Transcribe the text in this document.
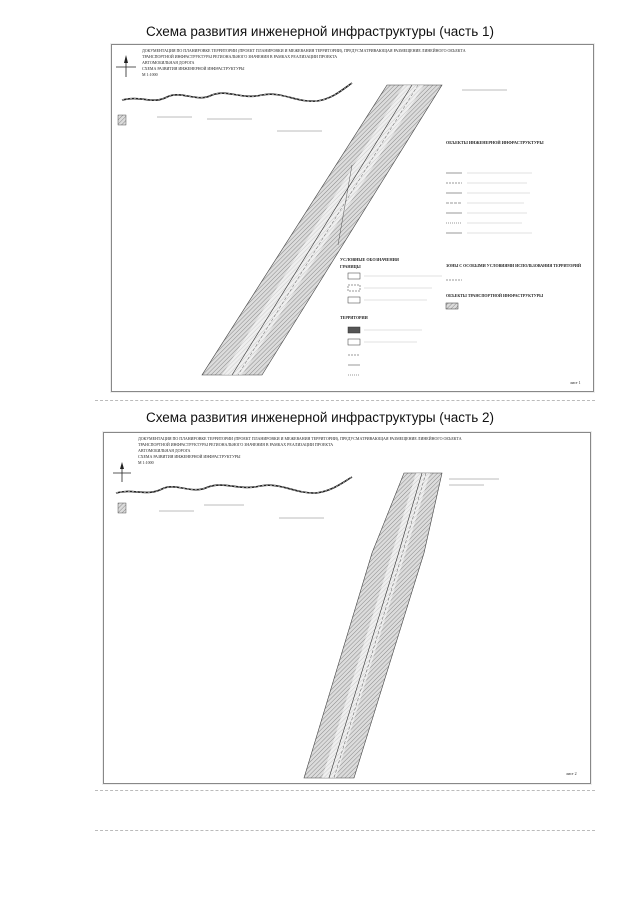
Схема развития инженерной инфраструктуры (часть 1)
ДОКУМЕНТАЦИЯ ПО ПЛАНИРОВКЕ ТЕРРИТОРИИ (ПРОЕКТ ПЛАНИРОВКИ И МЕЖЕВАНИЯ ТЕРРИТОРИИ), ПРЕДУСМАТРИВАЮЩАЯ РАЗМЕЩЕНИЕ ЛИНЕЙНОГО ОБЪЕКТА
ТРАНСПОРТНОЙ ИНФРАСТРУКТУРЫ РЕГИОНАЛЬНОГО ЗНАЧЕНИЯ В РАМКАХ РЕАЛИЗАЦИИ ПРОЕКТА
АВТОМОБИЛЬНАЯ ДОРОГА
СХЕМА РАЗВИТИЯ ИНЖЕНЕРНОЙ ИНФРАСТРУКТУРЫ
М 1:1000
УСЛОВНЫЕ ОБОЗНАЧЕНИЯ
ГРАНИЦЫ
ТЕРРИТОРИИ
ОБЪЕКТЫ ИНЖЕНЕРНОЙ ИНФРАСТРУКТУРЫ
ЗОНЫ С ОСОБЫМИ УСЛОВИЯМИ ИСПОЛЬЗОВАНИЯ ТЕРРИТОРИЙ
ОБЪЕКТЫ ТРАНСПОРТНОЙ ИНФРАСТРУКТУРЫ
лист 1
Схема развития инженерной инфраструктуры (часть 2)
ДОКУМЕНТАЦИЯ ПО ПЛАНИРОВКЕ ТЕРРИТОРИИ (ПРОЕКТ ПЛАНИРОВКИ И МЕЖЕВАНИЯ ТЕРРИТОРИИ), ПРЕДУСМАТРИВАЮЩАЯ РАЗМЕЩЕНИЕ ЛИНЕЙНОГО ОБЪЕКТА
ТРАНСПОРТНОЙ ИНФРАСТРУКТУРЫ РЕГИОНАЛЬНОГО ЗНАЧЕНИЯ В РАМКАХ РЕАЛИЗАЦИИ ПРОЕКТА
АВТОМОБИЛЬНАЯ ДОРОГА
СХЕМА РАЗВИТИЯ ИНЖЕНЕРНОЙ ИНФРАСТРУКТУРЫ
М 1:1000
лист 2
